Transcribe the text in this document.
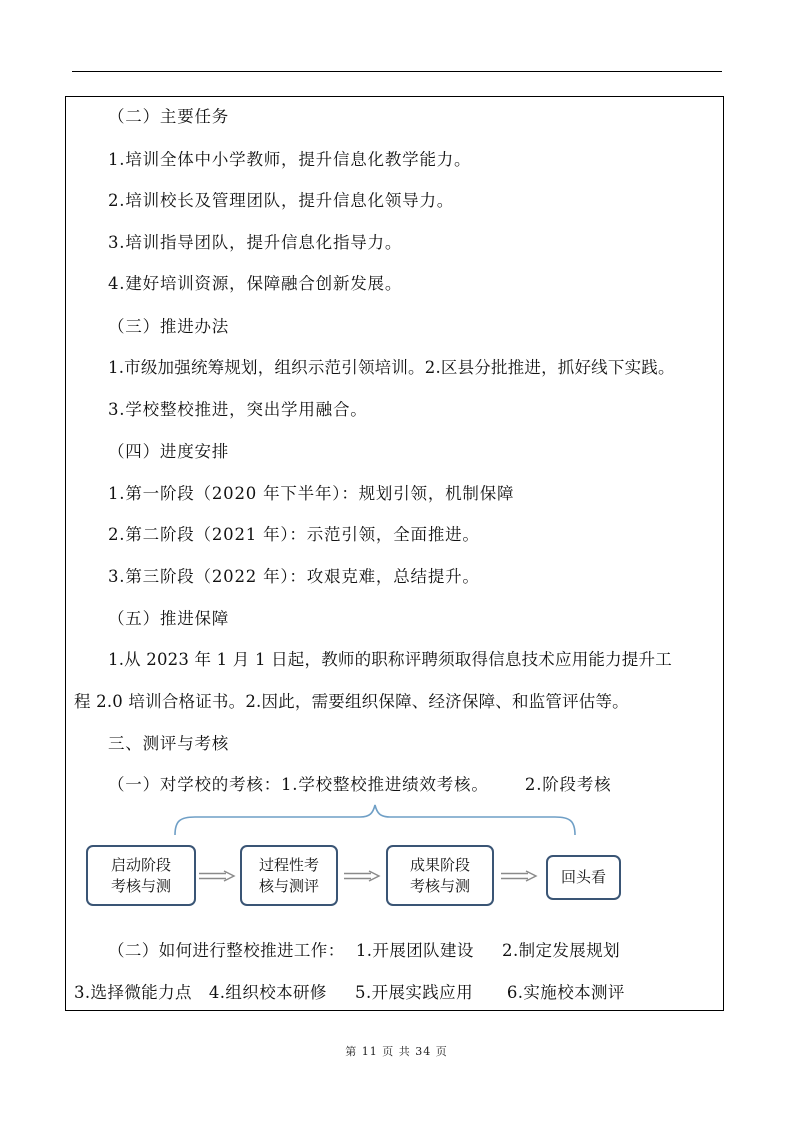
（二）主要任务
1.培训全体中小学教师，提升信息化教学能力。
2.培训校长及管理团队，提升信息化领导力。
3.培训指导团队，提升信息化指导力。
4.建好培训资源，保障融合创新发展。
（三）推进办法
1.市级加强统筹规划，组织示范引领培训。2.区县分批推进，抓好线下实践。
3.学校整校推进，突出学用融合。
（四）进度安排
1.第一阶段（2020 年下半年）：规划引领，机制保障
2.第二阶段（2021 年）：示范引领，全面推进。
3.第三阶段（2022 年）：攻艰克难，总结提升。
（五）推进保障
1.从 2023 年 1 月 1 日起，教师的职称评聘须取得信息技术应用能力提升工
程 2.0 培训合格证书。2.因此，需要组织保障、经济保障、和监管评估等。
三、测评与考核
（一）对学校的考核：1.学校整校推进绩效考核。      2.阶段考核
启动阶段
考核与测
过程性考
核与测评
成果阶段
考核与测	回头看
（二）如何进行整校推进工作：  1.开展团队建设     2.制定发展规划
3.选择微能力点   4.组织校本研修     5.开展实践应用      6.实施校本测评
第 11 页 共 34 页
